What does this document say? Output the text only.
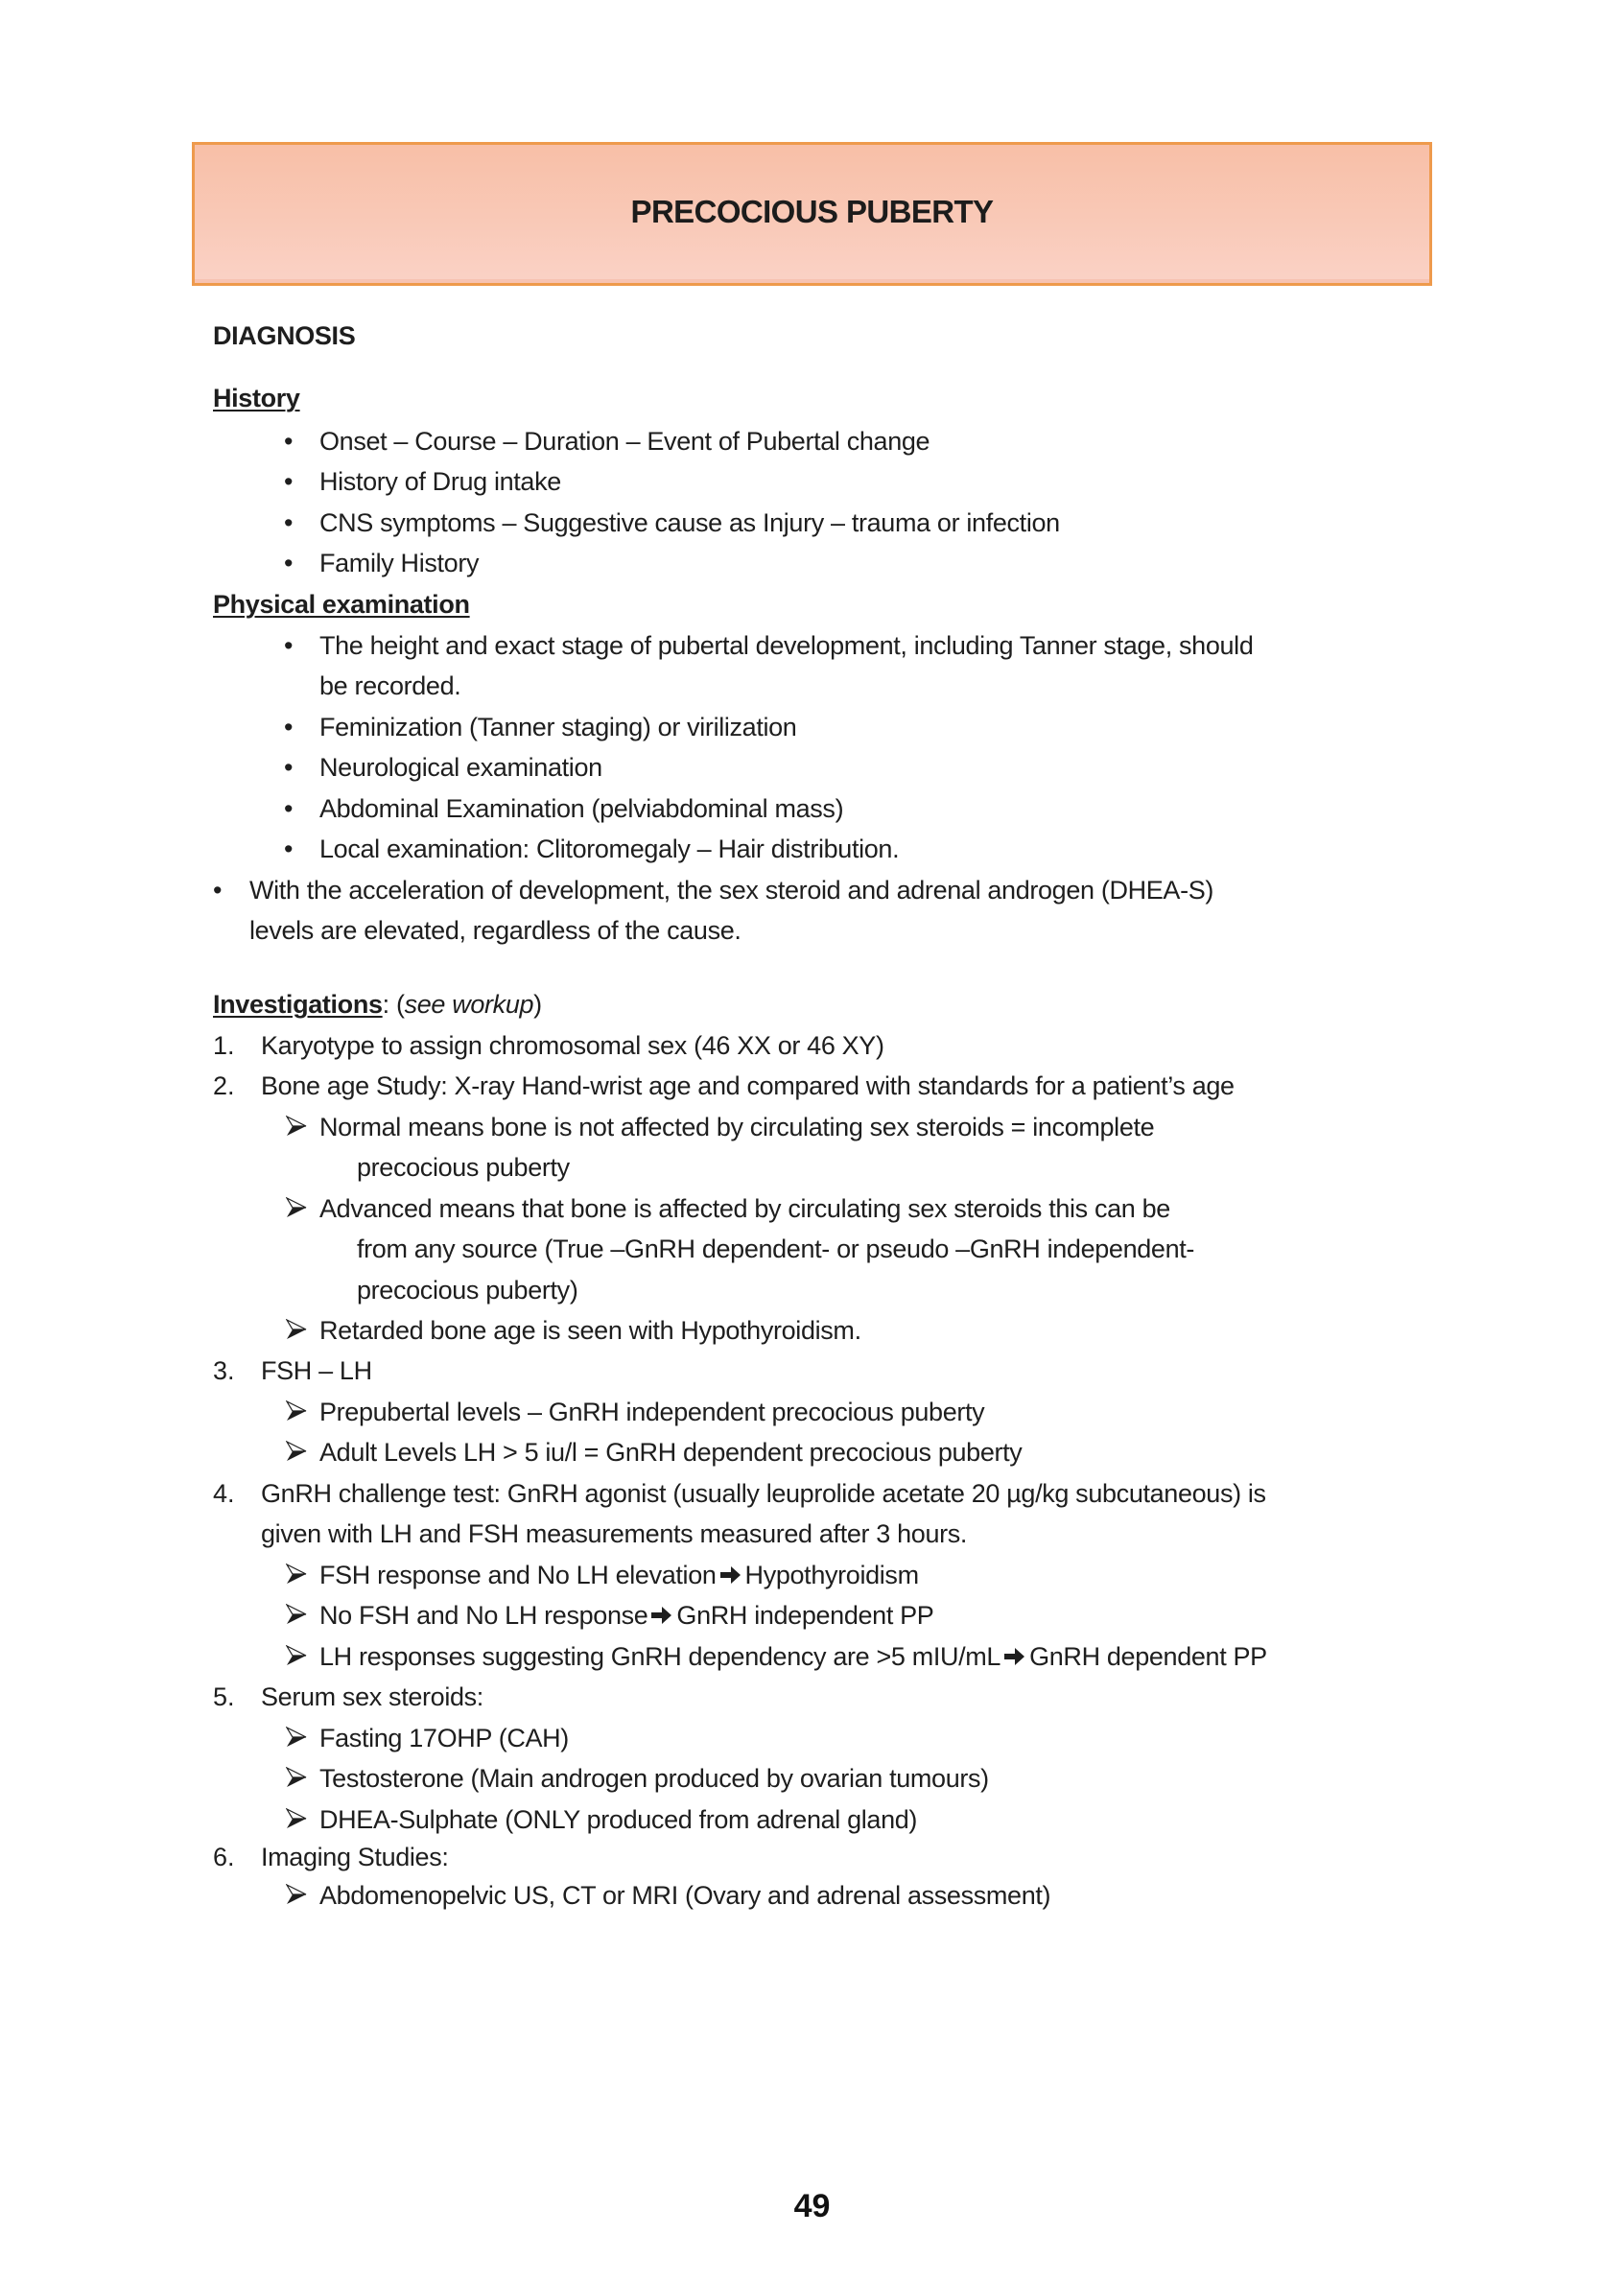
PRECOCIOUS PUBERTY
DIAGNOSIS
History
• Onset – Course – Duration – Event of Pubertal change
• History of Drug intake
• CNS symptoms – Suggestive cause as Injury – trauma or infection
• Family History
Physical examination
• The height and exact stage of pubertal development, including Tanner stage, should
be recorded.
• Feminization (Tanner staging) or virilization
• Neurological examination
• Abdominal Examination (pelviabdominal mass)
• Local examination: Clitoromegaly – Hair distribution.
• With the acceleration of development, the sex steroid and adrenal androgen (DHEA-S)
levels are elevated, regardless of the cause.
Investigations: (see workup)
1. Karyotype to assign chromosomal sex (46 XX or 46 XY)
2. Bone age Study: X-ray Hand-wrist age and compared with standards for a patient’s age
Normal means bone is not affected by circulating sex steroids = incomplete
precocious puberty
Advanced means that bone is affected by circulating sex steroids this can be
from any source (True –GnRH dependent- or pseudo –GnRH independent-
precocious puberty)
Retarded bone age is seen with Hypothyroidism.
3. FSH – LH
Prepubertal levels – GnRH independent precocious puberty
Adult Levels LH > 5 iu/l = GnRH dependent precocious puberty
4. GnRH challenge test: GnRH agonist (usually leuprolide acetate 20 µg/kg subcutaneous) is
given with LH and FSH measurements measured after 3 hours.
FSH response and No LH elevation Hypothyroidism
No FSH and No LH response GnRH independent PP
LH responses suggesting GnRH dependency are >5 mIU/mL GnRH dependent PP
5. Serum sex steroids:
Fasting 17OHP (CAH)
Testosterone (Main androgen produced by ovarian tumours)
DHEA-Sulphate (ONLY produced from adrenal gland)
6. Imaging Studies:
Abdomenopelvic US, CT or MRI (Ovary and adrenal assessment)
49
